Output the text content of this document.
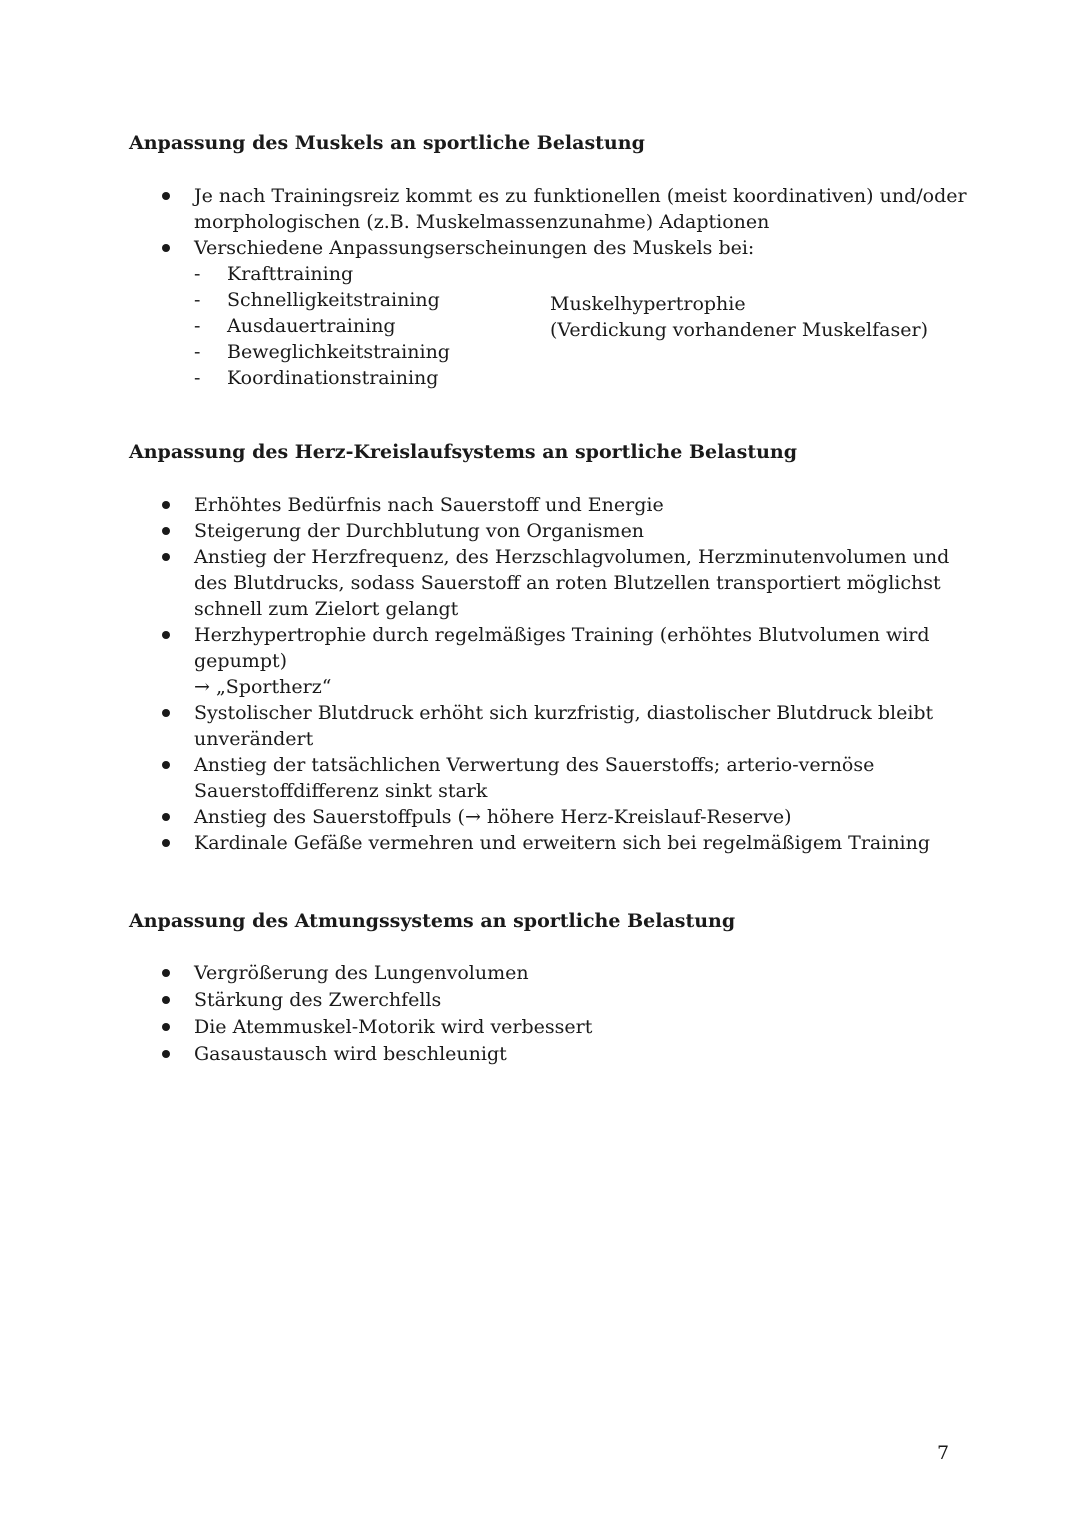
Anpassung des Muskels an sportliche Belastung
Je nach Trainingsreiz kommt es zu funktionellen (meist koordinativen) und/oder morphologischen (z.B. Muskelmassenzunahme) Adaptionen
Verschiedene Anpassungserscheinungen des Muskels bei:
- Krafttraining
- Schnelligkeitstraining
- Ausdauertraining
- Beweglichkeitstraining
- Koordinationstraining
Muskelhypertrophie
(Verdickung vorhandener Muskelfaser)
Anpassung des Herz-Kreislaufsystems an sportliche Belastung
Erhöhtes Bedürfnis nach Sauerstoff und Energie
Steigerung der Durchblutung von Organismen
Anstieg der Herzfrequenz, des Herzschlagvolumen, Herzminutenvolumen und des Blutdrucks, sodass Sauerstoff an roten Blutzellen transportiert möglichst schnell zum Zielort gelangt
Herzhypertrophie durch regelmäßiges Training (erhöhtes Blutvolumen wird gepumpt)
→ „Sportherz“
Systolischer Blutdruck erhöht sich kurzfristig, diastolischer Blutdruck bleibt unverändert
Anstieg der tatsächlichen Verwertung des Sauerstoffs; arterio-vernöse Sauerstoffdifferenz sinkt stark
Anstieg des Sauerstoffpuls (→ höhere Herz-Kreislauf-Reserve)
Kardinale Gefäße vermehren und erweitern sich bei regelmäßigem Training
Anpassung des Atmungssystems an sportliche Belastung
Vergrößerung des Lungenvolumen
Stärkung des Zwerchfells
Die Atemmuskel-Motorik wird verbessert
Gasaustausch wird beschleunigt
7
